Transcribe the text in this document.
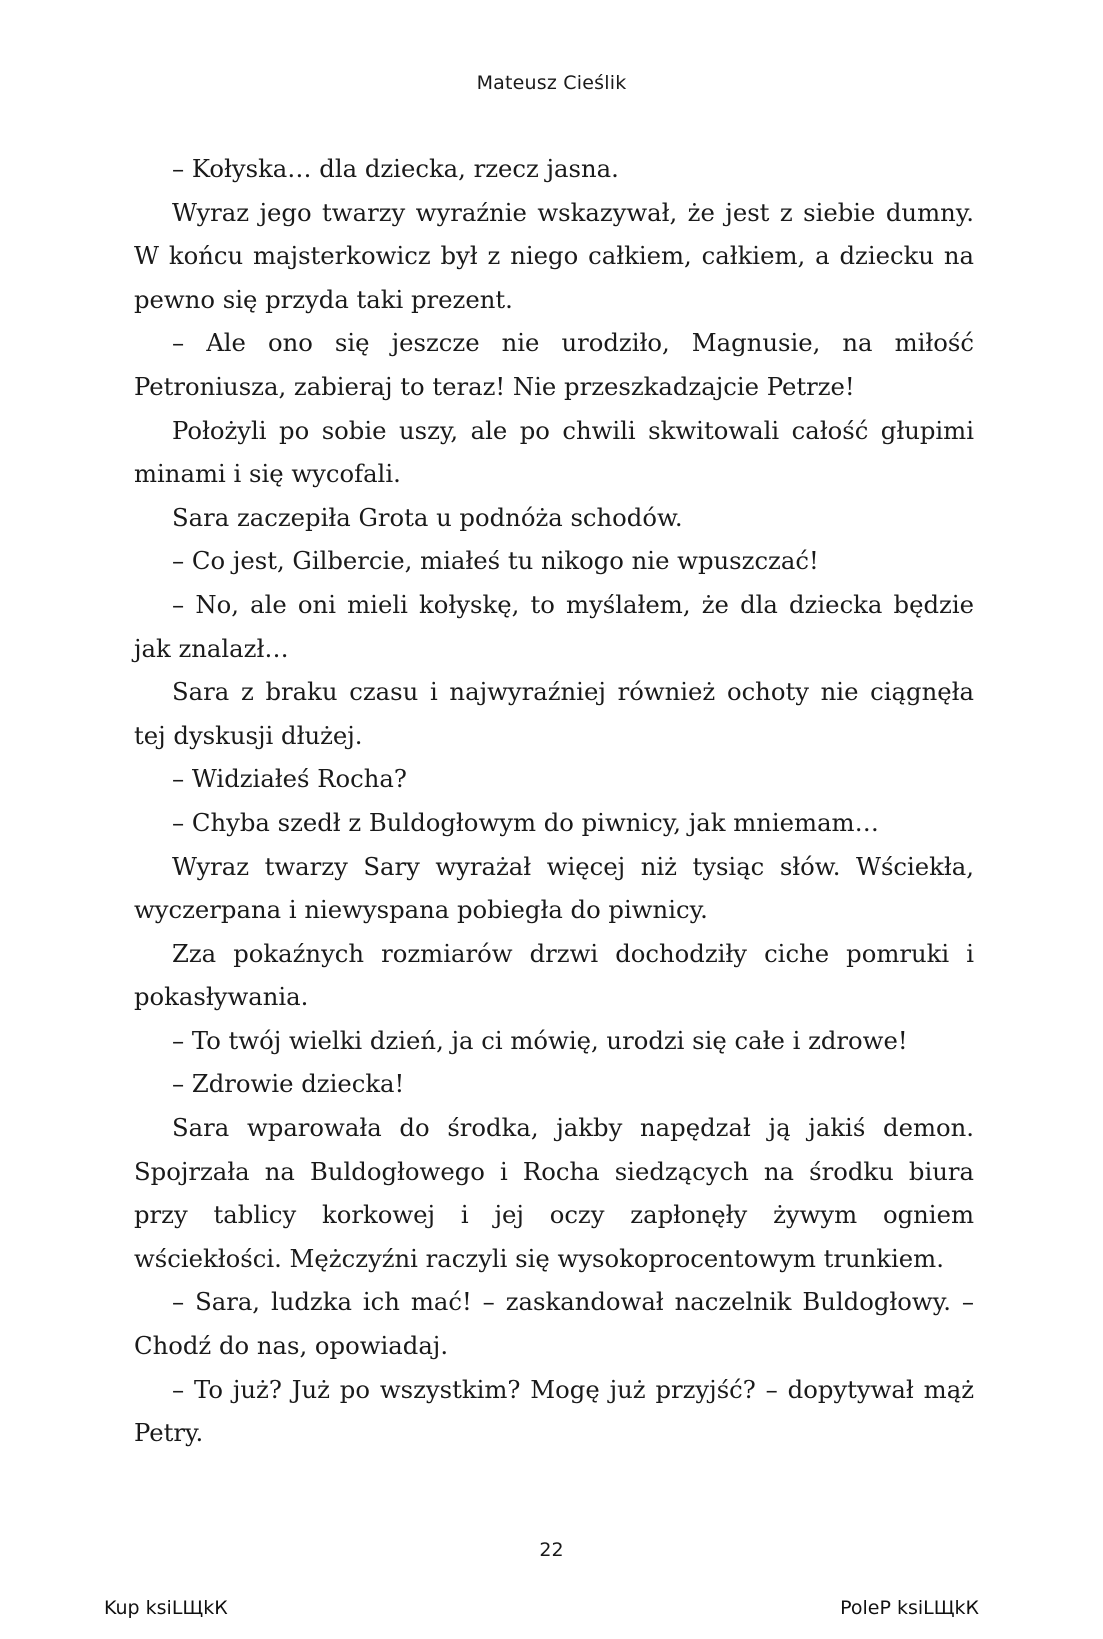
Mateusz Cieślik

– Kołyska… dla dziecka, rzecz jasna.

Wyraz jego twarzy wyraźnie wskazywał, że jest z siebie dumny. W końcu majsterkowicz był z niego całkiem, całkiem, a dziecku na pewno się przyda taki prezent.

– Ale ono się jeszcze nie urodziło, Magnusie, na miłość Petroniusza, zabieraj to teraz! Nie przeszkadzajcie Petrze!

Położyli po sobie uszy, ale po chwili skwitowali całość głupimi minami i się wycofali.

Sara zaczepiła Grota u podnóża schodów.

– Co jest, Gilbercie, miałeś tu nikogo nie wpuszczać!

– No, ale oni mieli kołyskę, to myślałem, że dla dziecka będzie jak znalazł…

Sara z braku czasu i najwyraźniej również ochoty nie ciągnęła tej dyskusji dłużej.

– Widziałeś Rocha?

– Chyba szedł z Buldogłowym do piwnicy, jak mniemam…

Wyraz twarzy Sary wyrażał więcej niż tysiąc słów. Wściekła, wyczerpana i niewyspana pobiegła do piwnicy.

Zza pokaźnych rozmiarów drzwi dochodziły ciche pomruki i pokasływania.

– To twój wielki dzień, ja ci mówię, urodzi się całe i zdrowe!

– Zdrowie dziecka!

Sara wparowała do środka, jakby napędzał ją jakiś demon. Spojrzała na Buldogłowego i Rocha siedzących na środku biura przy tablicy korkowej i jej oczy zapłonęły żywym ogniem wściekłości. Mężczyźni raczyli się wysokoprocentowym trunkiem.

– Sara, ludzka ich mać! – zaskandował naczelnik Buldogłowy. – Chodź do nas, opowiadaj.

– To już? Już po wszystkim? Mogę już przyjść? – dopytywał mąż Petry.

22
Kup ksiLЩkК	PoleР ksiLЩkК
